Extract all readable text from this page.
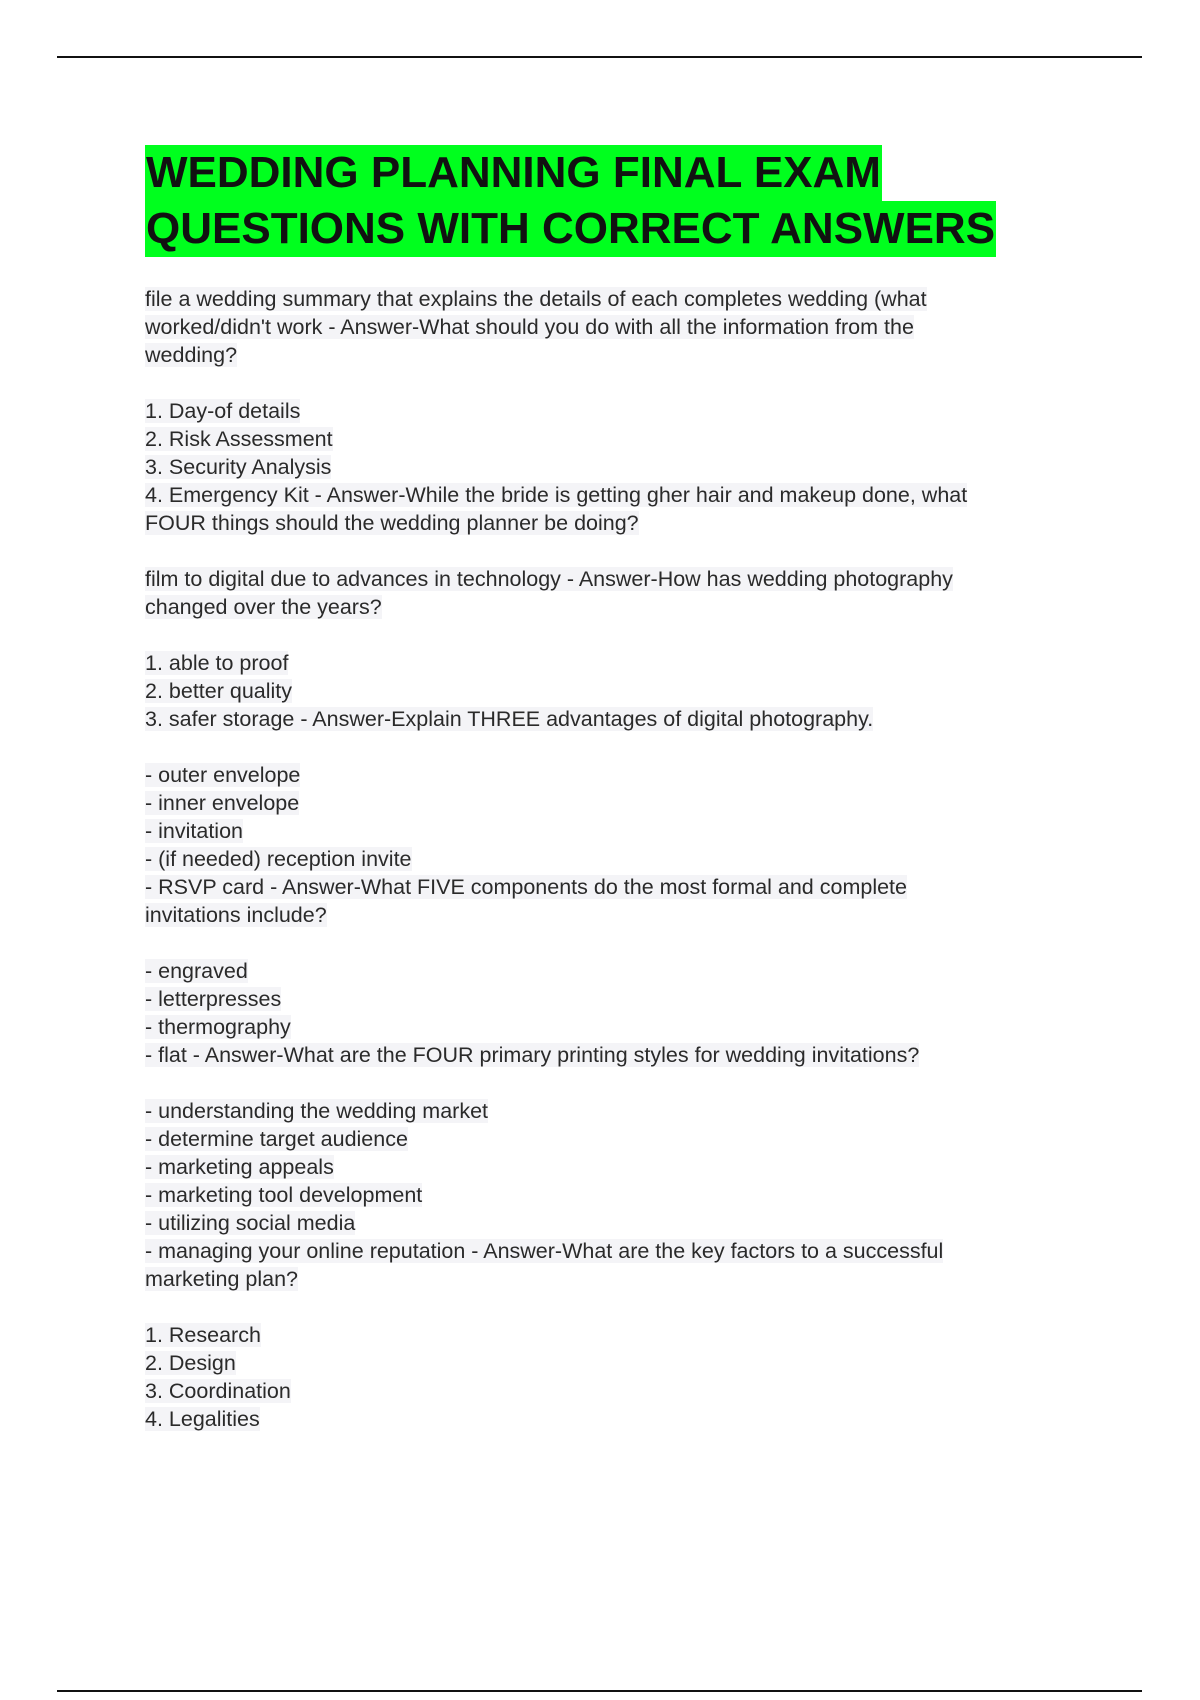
WEDDING PLANNING FINAL EXAM
QUESTIONS WITH CORRECT ANSWERS
file a wedding summary that explains the details of each completes wedding (what
worked/didn't work - Answer-What should you do with all the information from the
wedding?
1. Day-of details
2. Risk Assessment
3. Security Analysis
4. Emergency Kit - Answer-While the bride is getting gher hair and makeup done, what
FOUR things should the wedding planner be doing?
film to digital due to advances in technology - Answer-How has wedding photography
changed over the years?
1. able to proof
2. better quality
3. safer storage - Answer-Explain THREE advantages of digital photography.
- outer envelope
- inner envelope
- invitation
- (if needed) reception invite
- RSVP card - Answer-What FIVE components do the most formal and complete
invitations include?
- engraved
- letterpresses
- thermography
- flat - Answer-What are the FOUR primary printing styles for wedding invitations?
- understanding the wedding market
- determine target audience
- marketing appeals
- marketing tool development
- utilizing social media
- managing your online reputation - Answer-What are the key factors to a successful
marketing plan?
1. Research
2. Design
3. Coordination
4. Legalities
